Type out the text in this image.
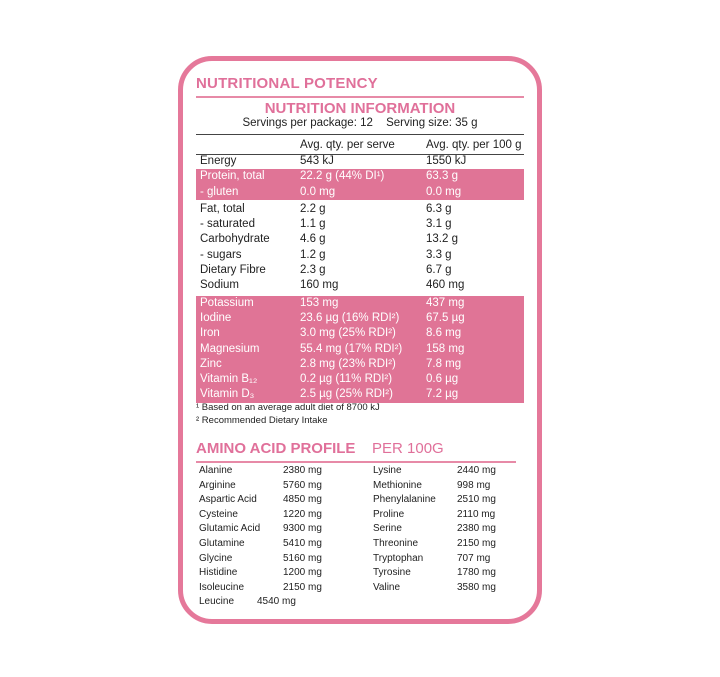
NUTRITIONAL POTENCY
NUTRITION INFORMATION
Servings per package: 12 Serving size: 35 g
Avg. qty. per serve	Avg. qty. per 100 g
Energy	543 kJ	1550 kJ
Protein, total	22.2 g (44% DI¹)	63.3 g
- gluten	0.0 mg	0.0 mg
Fat, total	2.2 g	6.3 g
- saturated	1.1 g	3.1 g
Carbohydrate	4.6 g	13.2 g
- sugars	1.2 g	3.3 g
Dietary Fibre	2.3 g	6.7 g
Sodium	160 mg	460 mg
Potassium	153 mg	437 mg
Iodine	23.6 µg (16% RDI²) 67.5 µg
Iron	3.0 mg (25% RDI²)	8.6 mg
Magnesium	55.4 mg (17% RDI²) 158 mg
Zinc	2.8 mg (23% RDI²)	7.8 mg
Vitamin B₁₂	0.2 µg (11% RDI²)	0.6 µg
Vitamin D₃	2.5 µg (25% RDI²)	7.2 µg
¹ Based on an average adult diet of 8700 kJ
² Recommended Dietary Intake
AMINO ACID PROFILE PER 100G
Alanine	2380 mg
Arginine	5760 mg
Aspartic Acid	4850 mg
Cysteine	1220 mg
Glutamic Acid 9300 mg
Glutamine	5410 mg
Glycine	5160 mg
Histidine	1200 mg
Isoleucine	2150 mg
Leucine 4540 mg
Lysine	2440 mg
Methionine	998 mg
Phenylalanine 2510 mg
Proline	2110 mg
Serine	2380 mg
Threonine	2150 mg
Tryptophan	707 mg
Tyrosine	1780 mg
Valine	3580 mg
